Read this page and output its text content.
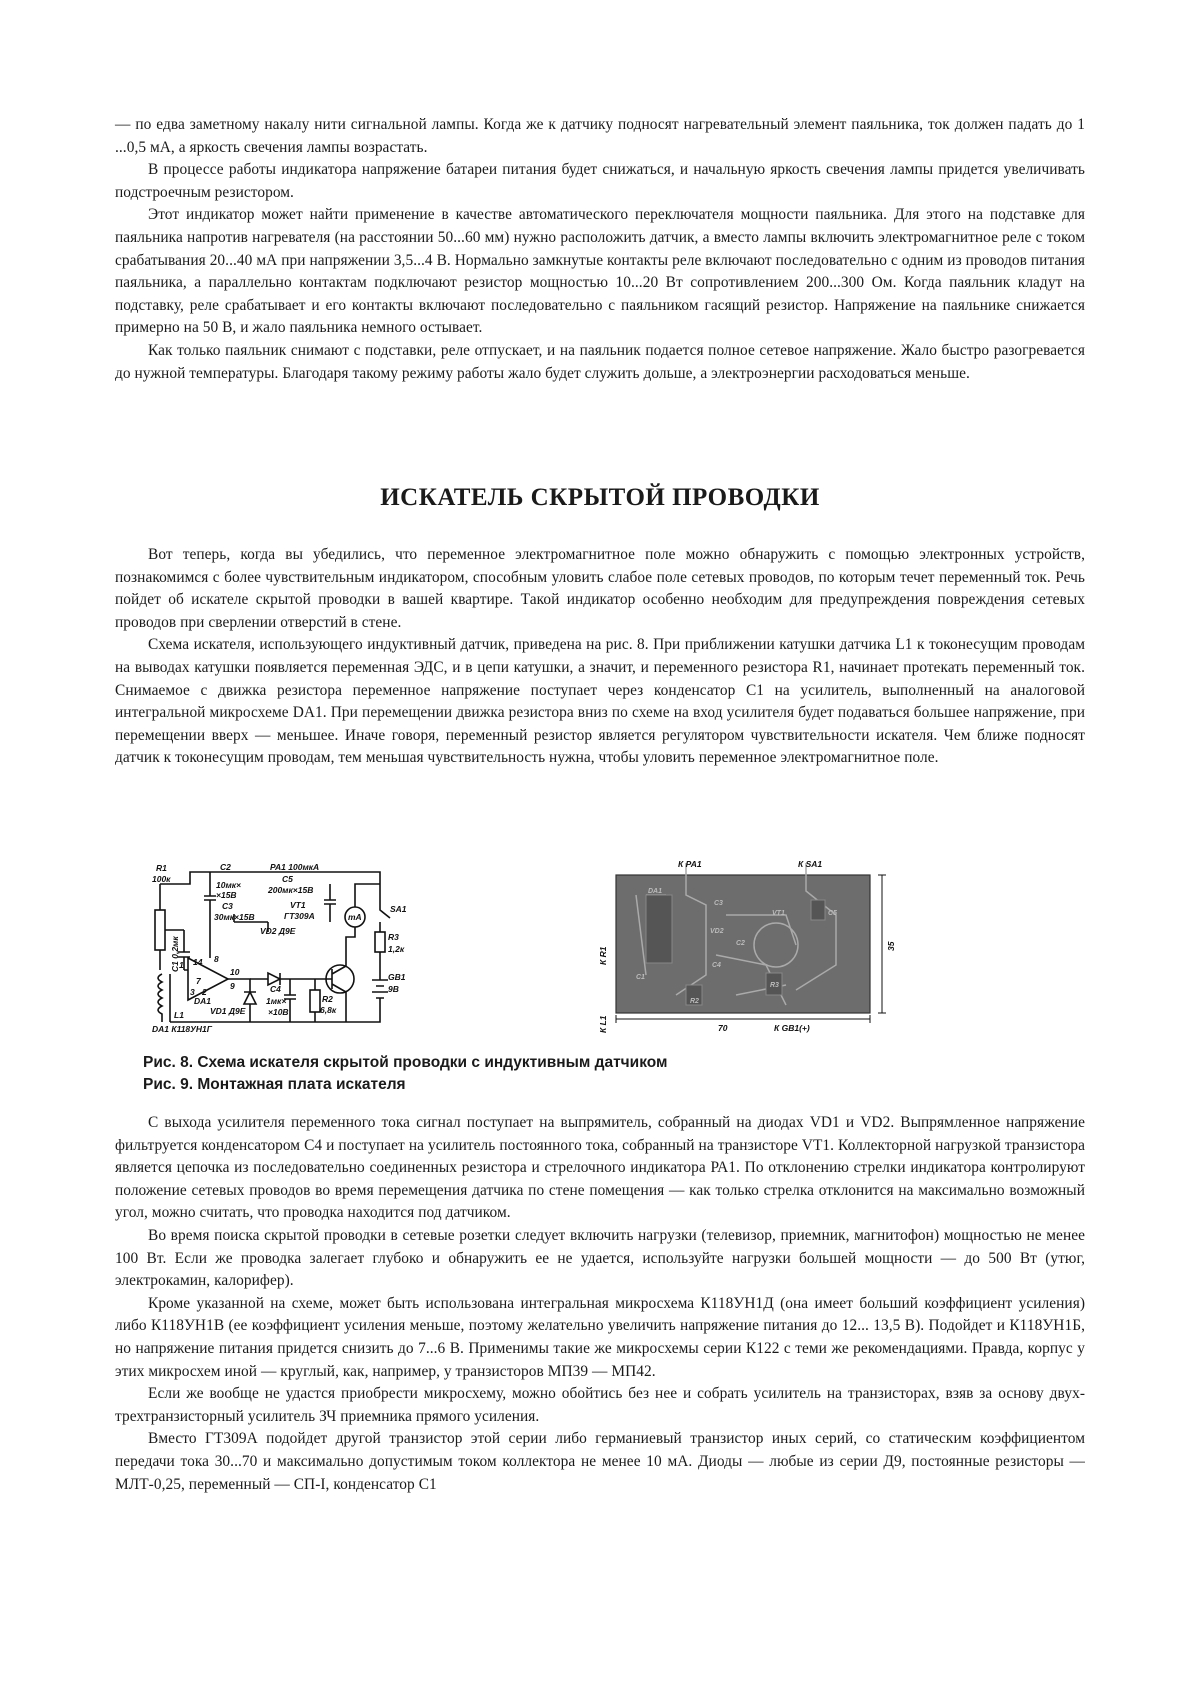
— по едва заметному накалу нити сигнальной лампы. Когда же к датчику подносят нагревательный элемент паяльника, ток должен падать до 1 ...0,5 мА, а яркость свечения лампы возрастать.

В процессе работы индикатора напряжение батареи питания будет снижаться, и начальную яркость свечения лампы придется увеличивать подстроечным резистором.

Этот индикатор может найти применение в качестве автоматического переключателя мощности паяльника. Для этого на подставке для паяльника напротив нагревателя (на расстоянии 50...60 мм) нужно расположить датчик, а вместо лампы включить электромагнитное реле с током срабатывания 20...40 мА при напряжении 3,5...4 В. Нормально замкнутые контакты реле включают последовательно с одним из проводов питания паяльника, а параллельно контактам подключают резистор мощностью 10...20 Вт сопротивлением 200...300 Ом. Когда паяльник кладут на подставку, реле срабатывает и его контакты включают последовательно с паяльником гасящий резистор. Напряжение на паяльнике снижается примерно на 50 В, и жало паяльника немного остывает.

Как только паяльник снимают с подставки, реле отпускает, и на паяльник подается полное сетевое напряжение. Жало быстро разогревается до нужной температуры. Благодаря такому режиму работы жало будет служить дольше, а электроэнергии расходоваться меньше.

ИСКАТЕЛЬ СКРЫТОЙ ПРОВОДКИ

Вот теперь, когда вы убедились, что переменное электромагнитное поле можно обнаружить с помощью электронных устройств, познакомимся с более чувствительным индикатором, способным уловить слабое поле сетевых проводов, по которым течет переменный ток. Речь пойдет об искателе скрытой проводки в вашей квартире. Такой индикатор особенно необходим для предупреждения повреждения сетевых проводов при сверлении отверстий в стене.

Схема искателя, использующего индуктивный датчик, приведена на рис. 8. При приближении катушки датчика L1 к токонесущим проводам на выводах катушки появляется переменная ЭДС, и в цепи катушки, а значит, и переменного резистора R1, начинает протекать переменный ток. Снимаемое с движка резистора переменное напряжение поступает через конденсатор С1 на усилитель, выполненный на аналоговой интегральной микросхеме DA1. При перемещении движка резистора вниз по схеме на вход усилителя будет подаваться большее напряжение, при перемещении вверх — меньшее. Иначе говоря, переменный резистор является регулятором чувствительности искателя. Чем ближе подносят датчик к токонесущим проводам, тем меньшая чувствительность нужна, чтобы уловить переменное электромагнитное поле.

R1
100к
C2
10мк×
×15В
C3
30мк×15В
PA1 100мкА
C5
200мк×15В
VT1
ГТ309А	mA
VD2 Д9Е
SA1
R3
1,2к
GB1
9В
C4
1мк×
×10В
R2
6,8к
DA1
VD1 Д9Е
L1
DA1 К118УН1Г
14
10
9
1
8
7
3 2
C1 0,2мк
К РА1	К SA1
70	К GB1(+)
К R1
К L1
35
DA1
VT1
VD2
C3
C5
C4
C1
C2
R2
R3
Рис. 8. Схема искателя скрытой проводки с индуктивным датчиком
Рис. 9. Монтажная плата искателя

С выхода усилителя переменного тока сигнал поступает на выпрямитель, собранный на диодах VD1 и VD2. Выпрямленное напряжение фильтруется конденсатором С4 и поступает на усилитель постоянного тока, собранный на транзисторе VT1. Коллекторной нагрузкой транзистора является цепочка из последовательно соединенных резистора и стрелочного индикатора РА1. По отклонению стрелки индикатора контролируют положение сетевых проводов во время перемещения датчика по стене помещения — как только стрелка отклонится на максимально возможный угол, можно считать, что проводка находится под датчиком.

Во время поиска скрытой проводки в сетевые розетки следует включить нагрузки (телевизор, приемник, магнитофон) мощностью не менее 100 Вт. Если же проводка залегает глубоко и обнаружить ее не удается, используйте нагрузки большей мощности — до 500 Вт (утюг, электрокамин, калорифер).

Кроме указанной на схеме, может быть использована интегральная микросхема К118УН1Д (она имеет больший коэффициент усиления) либо К118УН1В (ее коэффициент усиления меньше, поэтому желательно увеличить напряжение питания до 12... 13,5 В). Подойдет и К118УН1Б, но напряжение питания придется снизить до 7...6 В. Применимы такие же микросхемы серии К122 с теми же рекомендациями. Правда, корпус у этих микросхем иной — круглый, как, например, у транзисторов МП39 — МП42.

Если же вообще не удастся приобрести микросхему, можно обойтись без нее и собрать усилитель на транзисторах, взяв за основу двух-трехтранзисторный усилитель ЗЧ приемника прямого усиления.

Вместо ГТ309А подойдет другой транзистор этой серии либо германиевый транзистор иных серий, со статическим коэффициентом передачи тока 30...70 и максимально допустимым током коллектора не менее 10 мА. Диоды — любые из серии Д9, постоянные резисторы — МЛТ-0,25, переменный — СП-I, конденсатор С1
